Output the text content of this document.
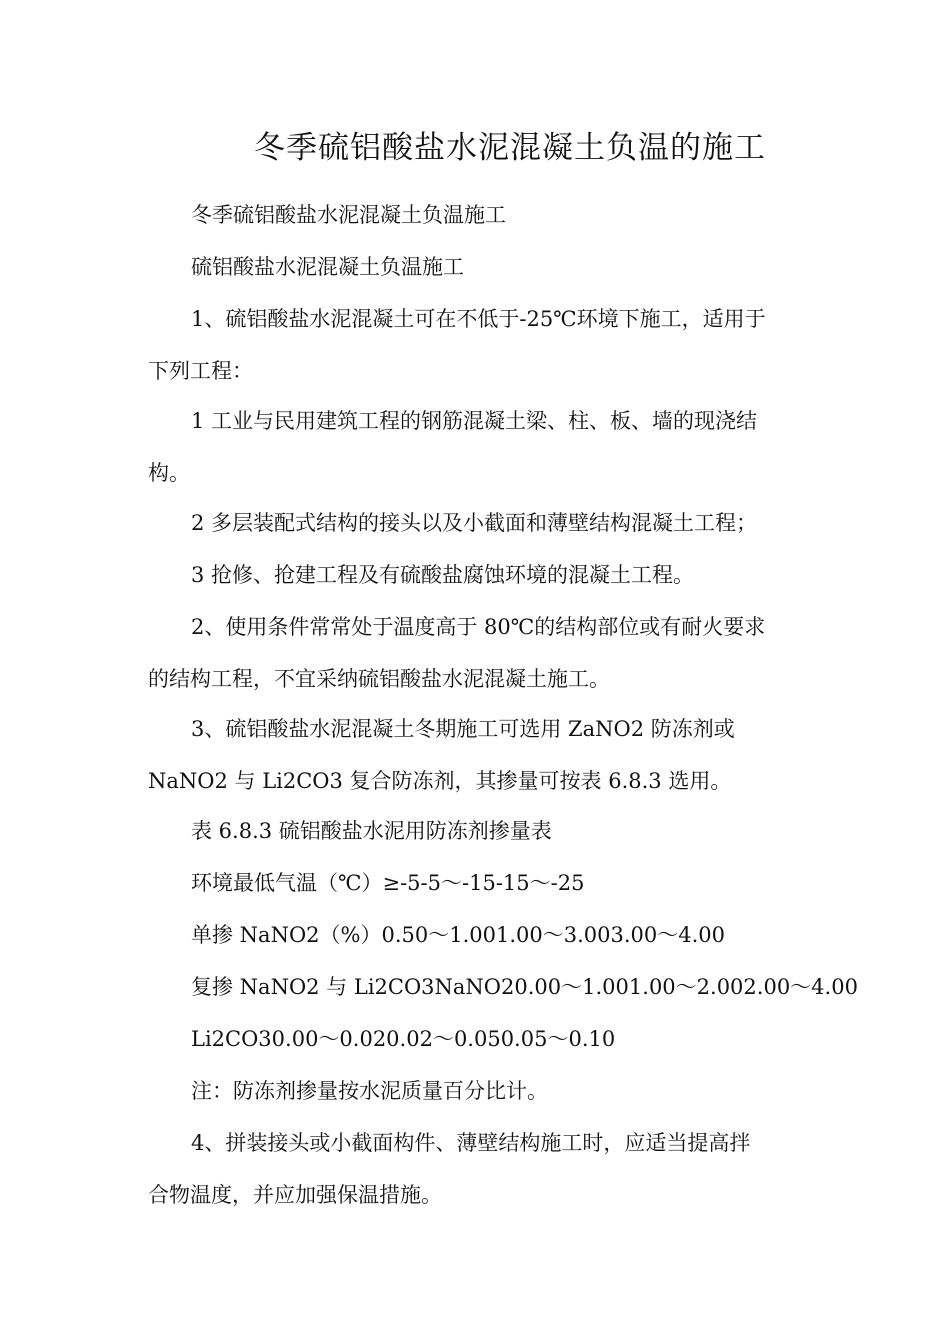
冬季硫铝酸盐水泥混凝土负温的施工

冬季硫铝酸盐水泥混凝土负温施工

硫铝酸盐水泥混凝土负温施工

1、硫铝酸盐水泥混凝土可在不低于-25℃环境下施工，适用于
下列工程：

1 工业与民用建筑工程的钢筋混凝土梁、柱、板、墙的现浇结
构。

2 多层装配式结构的接头以及小截面和薄壁结构混凝土工程；

3 抢修、抢建工程及有硫酸盐腐蚀环境的混凝土工程。

2、使用条件常常处于温度高于 80℃的结构部位或有耐火要求
的结构工程，不宜采纳硫铝酸盐水泥混凝土施工。

3、硫铝酸盐水泥混凝土冬期施工可选用 ZaNO2 防冻剂或
NaNO2 与 Li2CO3 复合防冻剂，其掺量可按表 6.8.3 选用。

表 6.8.3 硫铝酸盐水泥用防冻剂掺量表

环境最低气温（℃）≥-5-5～-15-15～-25

单掺 NaNO2（%）0.50～1.001.00～3.003.00～4.00

复掺 NaNO2 与 Li2CO3NaNO20.00～1.001.00～2.002.00～4.00

Li2CO30.00～0.020.02～0.050.05～0.10

注：防冻剂掺量按水泥质量百分比计。

4、拼装接头或小截面构件、薄壁结构施工时，应适当提高拌
合物温度，并应加强保温措施。
